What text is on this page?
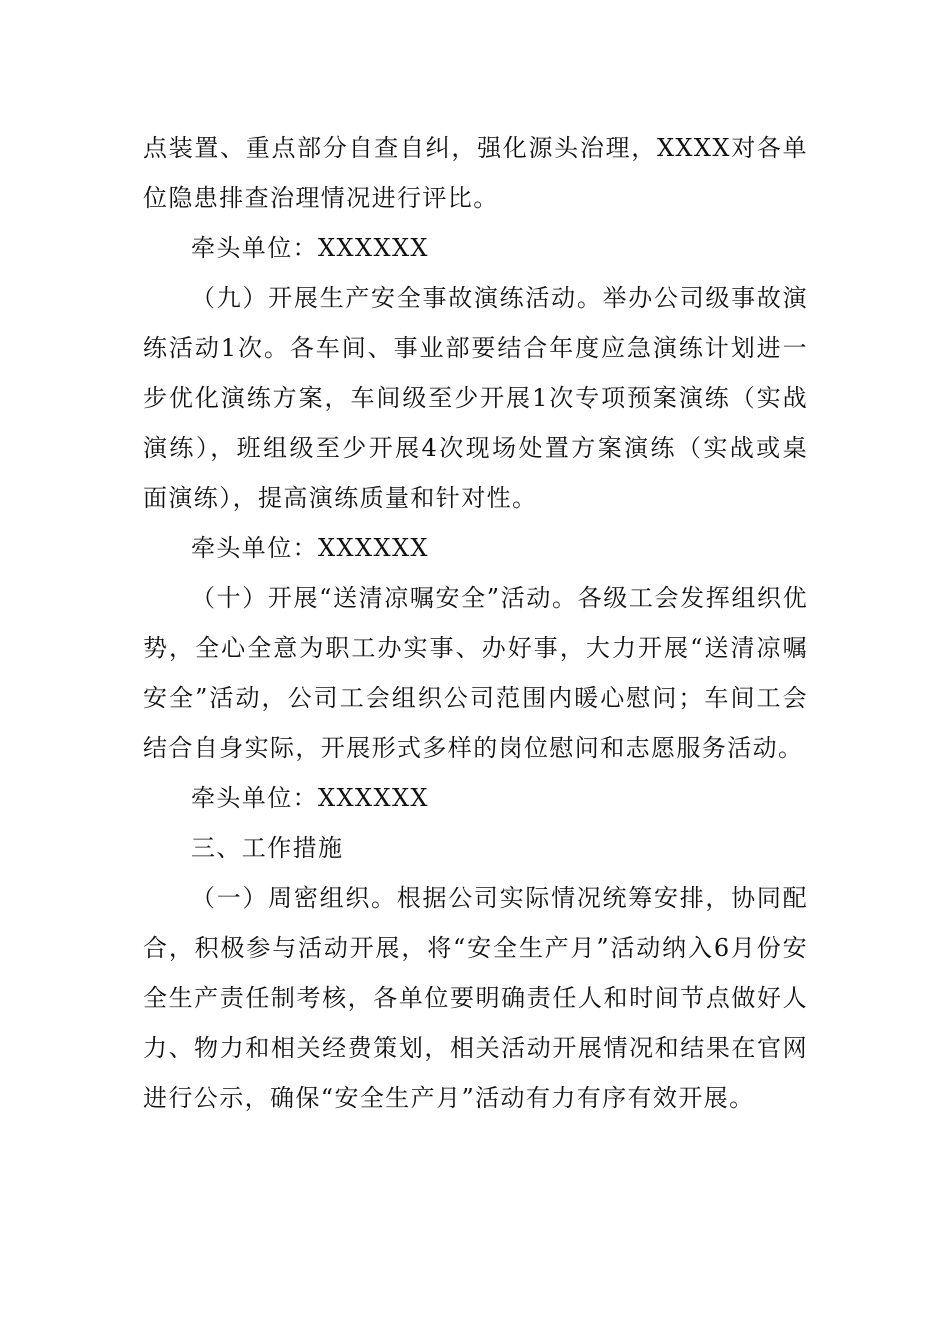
点装置、重点部分自查自纠，强化源头治理，XXXX对各单位隐患排查治理情况进行评比。

牵头单位：XXXXXX

（九）开展生产安全事故演练活动。举办公司级事故演练活动1次。各车间、事业部要结合年度应急演练计划进一步优化演练方案，车间级至少开展1次专项预案演练（实战演练），班组级至少开展4次现场处置方案演练（实战或桌面演练），提高演练质量和针对性。

牵头单位：XXXXXX

（十）开展“送清凉嘱安全”活动。各级工会发挥组织优势，全心全意为职工办实事、办好事，大力开展“送清凉嘱安全”活动，公司工会组织公司范围内暖心慰问；车间工会结合自身实际，开展形式多样的岗位慰问和志愿服务活动。

牵头单位：XXXXXX

三、工作措施

（一）周密组织。根据公司实际情况统筹安排，协同配合，积极参与活动开展，将“安全生产月”活动纳入6月份安全生产责任制考核，各单位要明确责任人和时间节点做好人力、物力和相关经费策划，相关活动开展情况和结果在官网进行公示，确保“安全生产月”活动有力有序有效开展。
